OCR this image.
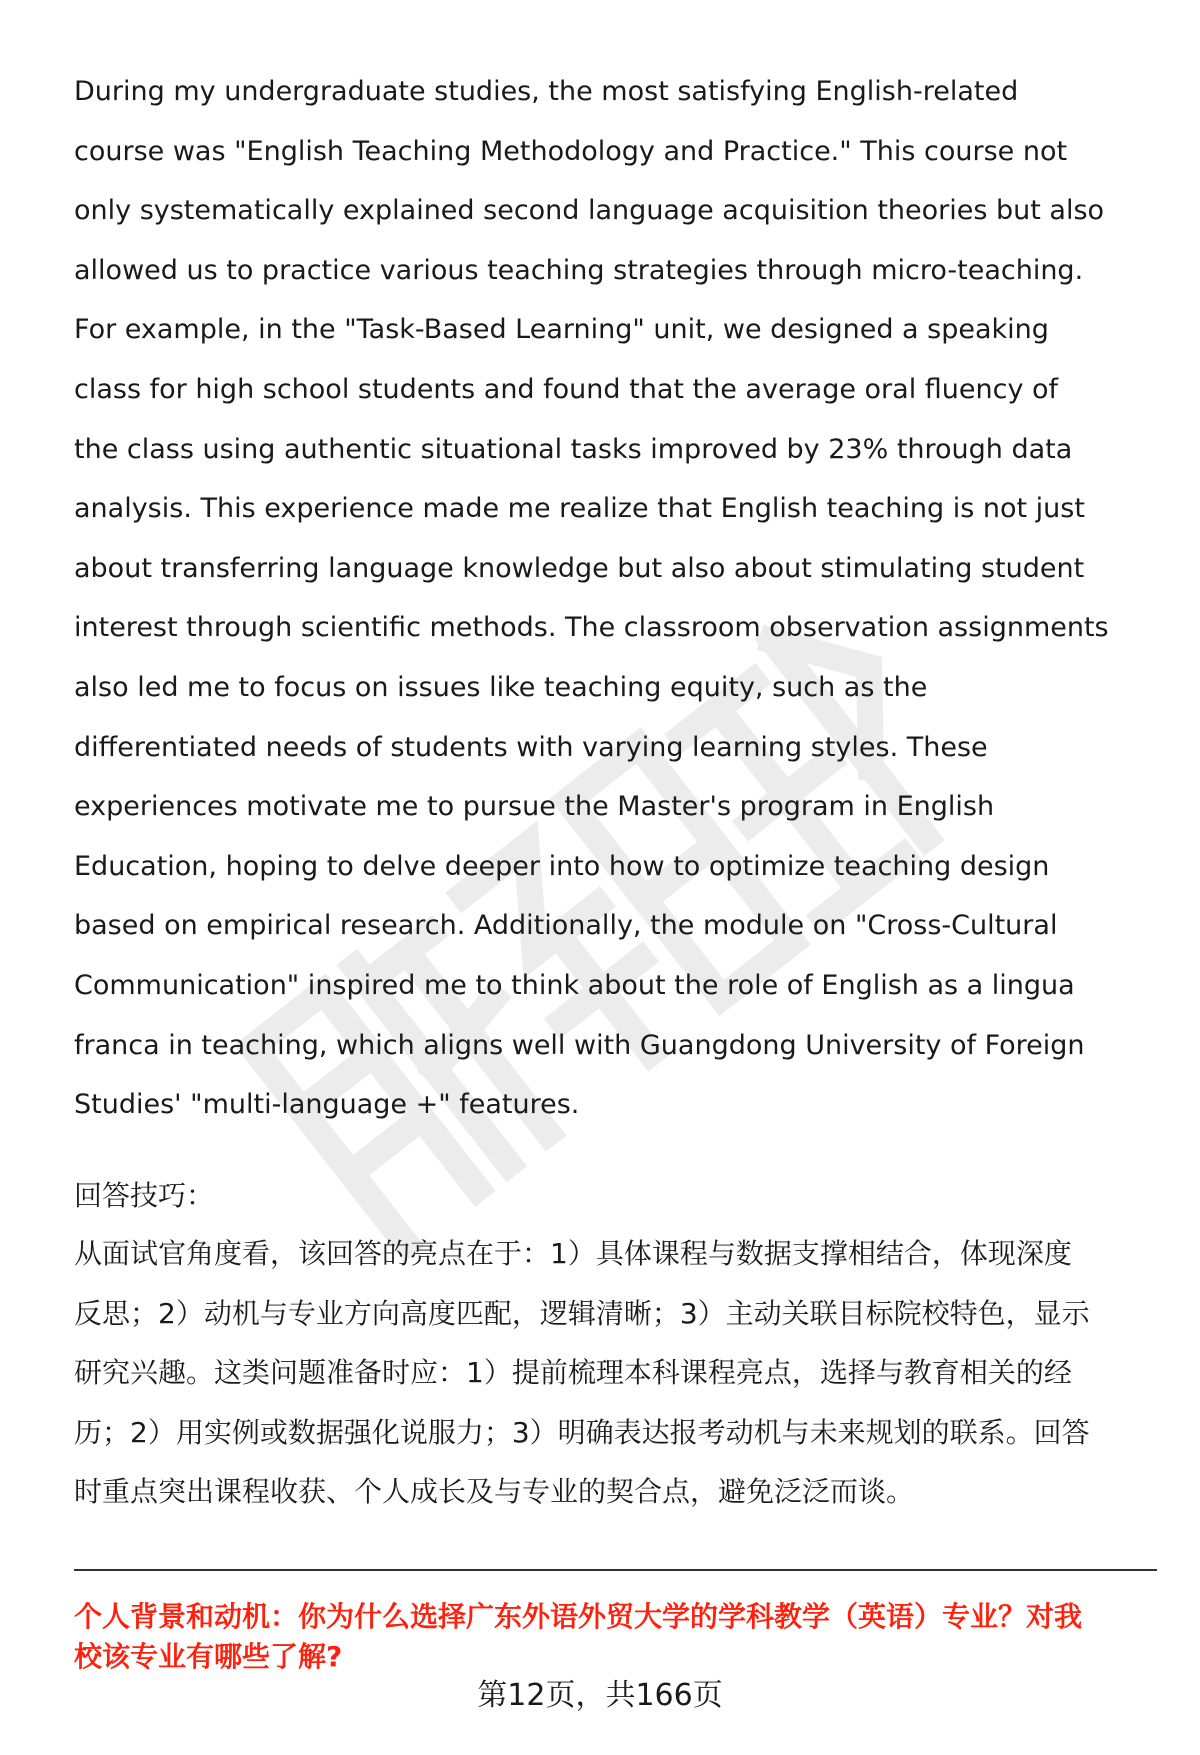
During my undergraduate studies, the most satisfying English-related
course was "English Teaching Methodology and Practice." This course not
only systematically explained second language acquisition theories but also
allowed us to practice various teaching strategies through micro-teaching.
For example, in the "Task-Based Learning" unit, we designed a speaking
class for high school students and found that the average oral fluency of
the class using authentic situational tasks improved by 23% through data
analysis. This experience made me realize that English teaching is not just
about transferring language knowledge but also about stimulating student
interest through scientific methods. The classroom observation assignments
also led me to focus on issues like teaching equity, such as the
differentiated needs of students with varying learning styles. These
experiences motivate me to pursue the Master's program in English
Education, hoping to delve deeper into how to optimize teaching design
based on empirical research. Additionally, the module on "Cross-Cultural
Communication" inspired me to think about the role of English as a lingua
franca in teaching, which aligns well with Guangdong University of Foreign
Studies' "multi-language +" features.
回答技巧：
从面试官角度看，该回答的亮点在于：1）具体课程与数据支撑相结合，体现深度
反思；2）动机与专业方向高度匹配，逻辑清晰；3）主动关联目标院校特色，显示
研究兴趣。这类问题准备时应：1）提前梳理本科课程亮点，选择与教育相关的经
历；2）用实例或数据强化说服力；3）明确表达报考动机与未来规划的联系。回答
时重点突出课程收获、个人成长及与专业的契合点，避免泛泛而谈。
个人背景和动机：你为什么选择广东外语外贸大学的学科教学（英语）专业？对我
校该专业有哪些了解?
第12页，共166页
